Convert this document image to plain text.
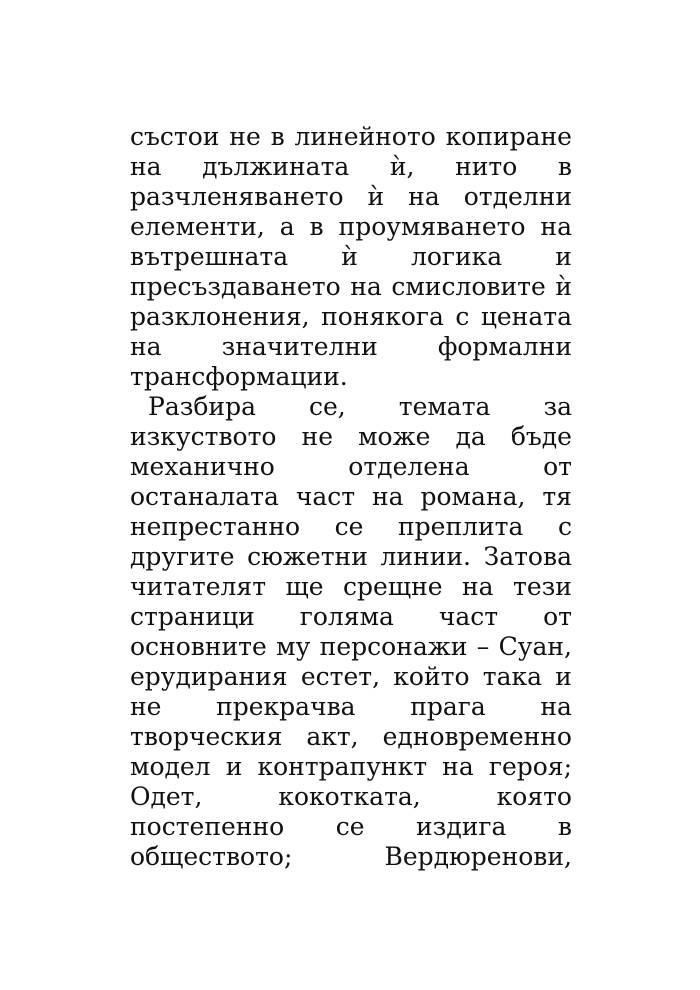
състои не в линейното копиране
на дължината ѝ, нито в
разчленяването ѝ на отделни
елементи, а в проумяването на
вътрешната ѝ логика и
пресъздаването на смисловите ѝ
разклонения, понякога с цената
на значителни формални
трансформации.
Разбира се, темата за
изкуството не може да бъде
механично	отделена	от
останалата част на романа, тя
непрестанно се преплита с
другите сюжетни линии. Затова
читателят ще срещне на тези
страници голяма част от
основните му персонажи – Суан,
ерудирания естет, който така и
не прекрачва прага на
творческия акт, едновременно
модел и контрапункт на героя;
Одет,	кокотката,	която
постепенно се издига в
обществото;	Вердюренови,
